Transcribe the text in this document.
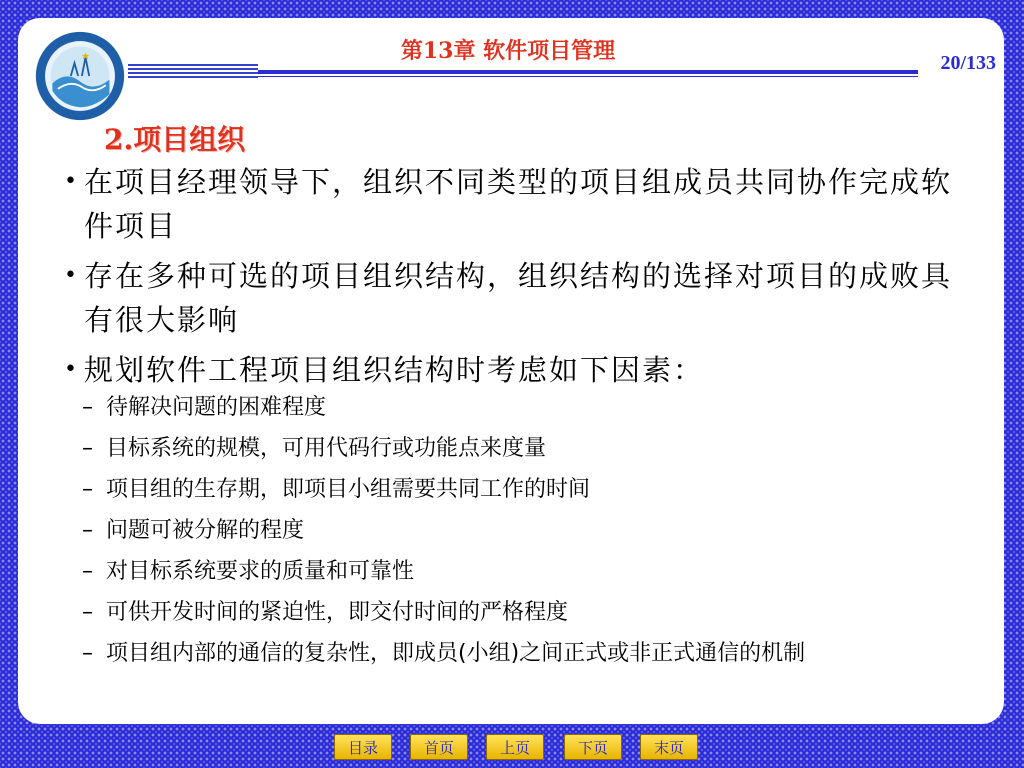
第13章 软件项目管理	20/133
2.项目组织
• 在项目经理领导下，组织不同类型的项目组成员共同协作完成软件项目
• 存在多种可选的项目组织结构，组织结构的选择对项目的成败具有很大影响
• 规划软件工程项目组织结构时考虑如下因素：
– 待解决问题的困难程度
– 目标系统的规模，可用代码行或功能点来度量
– 项目组的生存期，即项目小组需要共同工作的时间
– 问题可被分解的程度
– 对目标系统要求的质量和可靠性
– 可供开发时间的紧迫性，即交付时间的严格程度
– 项目组内部的通信的复杂性，即成员(小组)之间正式或非正式通信的机制
目录	首页	上页	下页	末页
